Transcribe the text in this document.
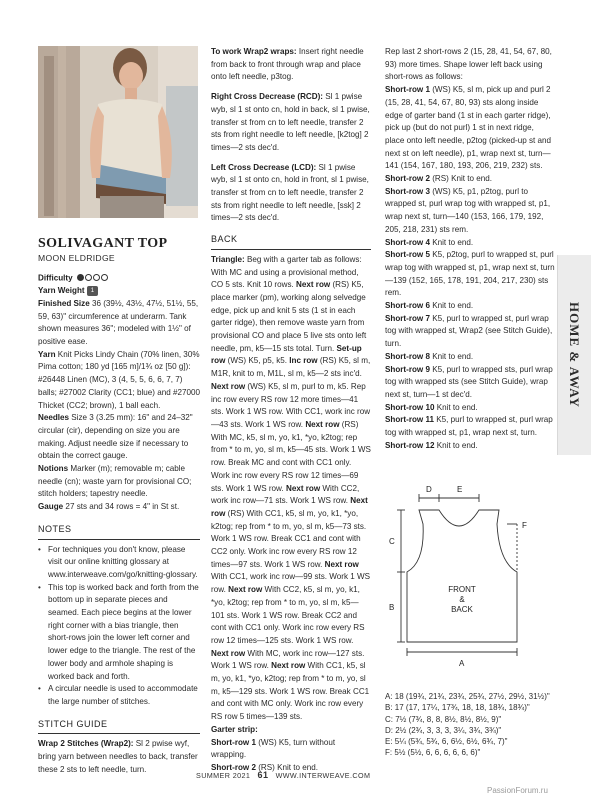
SOLIVAGANT TOP
MOON ELDRIDGE

Difficulty

Yarn Weight 1

Finished Size 36 (39½, 43½, 47½, 51½, 55, 59, 63)" circumference at underarm. Tank shown measures 36"; modeled with 1½" of positive ease.

Yarn Knit Picks Lindy Chain (70% linen, 30% Pima cotton; 180 yd [165 m]/1¾ oz [50 g]): #26448 Linen (MC), 3 (4, 5, 5, 6, 6, 7, 7) balls; #27002 Clarity (CC1; blue) and #27000 Thicket (CC2; brown), 1 ball each.

Needles Size 3 (3.25 mm): 16" and 24–32" circular (cir), depending on size you are making. Adjust needle size if necessary to obtain the correct gauge.

Notions Marker (m); removable m; cable needle (cn); waste yarn for provisional CO; stitch holders; tapestry needle.

Gauge 27 sts and 34 rows = 4" in St st.

NOTES
• For techniques you don't know, please visit our online knitting glossary at www.interweave.com/go/knitting-glossary.
• This top is worked back and forth from the bottom up in separate pieces and seamed. Each piece begins at the lower right corner with a bias triangle, then short-rows join the lower left corner and lower edge to the triangle. The rest of the lower body and armhole shaping is worked back and forth.
• A circular needle is used to accommodate the large number of stitches.
STITCH GUIDE

Wrap 2 Stitches (Wrap2): Sl 2 pwise wyf, bring yarn between needles to back, transfer these 2 sts to left needle, turn.

To work Wrap2 wraps: Insert right needle from back to front through wrap and place onto left needle, p3tog.

Right Cross Decrease (RCD): Sl 1 pwise wyb, sl 1 st onto cn, hold in back, sl 1 pwise, transfer st from cn to left needle, transfer 2 sts from right needle to left needle, [k2tog] 2 times—2 sts dec'd.

Left Cross Decrease (LCD): Sl 1 pwise wyb, sl 1 st onto cn, hold in front, sl 1 pwise, transfer st from cn to left needle, transfer 2 sts from right needle to left needle, [ssk] 2 times—2 sts dec'd.

BACK

Triangle: Beg with a garter tab as follows: With MC and using a provisional method, CO 5 sts. Knit 10 rows. Next row (RS) K5, place marker (pm), working along selvedge edge, pick up and knit 5 sts (1 st in each garter ridge), then remove waste yarn from provisional CO and place 5 live sts onto left needle, pm, k5—15 sts total. Turn. Set-up row (WS) K5, p5, k5. Inc row (RS) K5, sl m, M1R, knit to m, M1L, sl m, k5—2 sts inc'd. Next row (WS) K5, sl m, purl to m, k5. Rep inc row every RS row 12 more times—41 sts. Work 1 WS row. With CC1, work inc row—43 sts. Work 1 WS row. Next row (RS) With MC, k5, sl m, yo, k1, *yo, k2tog; rep from * to m, yo, sl m, k5—45 sts. Work 1 WS row. Break MC and cont with CC1 only. Work inc row every RS row 12 times—69 sts. Work 1 WS row. Next row With CC2, work inc row—71 sts. Work 1 WS row. Next row (RS) With CC1, k5, sl m, yo, k1, *yo, k2tog; rep from * to m, yo, sl m, k5—73 sts. Work 1 WS row. Break CC1 and cont with CC2 only. Work inc row every RS row 12 times—97 sts. Work 1 WS row. Next row With CC1, work inc row—99 sts. Work 1 WS row. Next row With CC2, k5, sl m, yo, k1, *yo, k2tog; rep from * to m, yo, sl m, k5—101 sts. Work 1 WS row. Break CC2 and cont with CC1 only. Work inc row every RS row 12 times—125 sts. Work 1 WS row. Next row With MC, work inc row—127 sts. Work 1 WS row. Next row With CC1, k5, sl m, yo, k1, *yo, k2tog; rep from * to m, yo, sl m, k5—129 sts. Work 1 WS row. Break CC1 and cont with MC only. Work inc row every RS row 5 times—139 sts.

Garter strip:

Short-row 1 (WS) K5, turn without wrapping.

Short-row 2 (RS) Knit to end.

Rep last 2 short-rows 2 (15, 28, 41, 54, 67, 80, 93) more times. Shape lower left back using short-rows as follows:

Short-row 1 (WS) K5, sl m, pick up and purl 2 (15, 28, 41, 54, 67, 80, 93) sts along inside edge of garter band (1 st in each garter ridge), pick up (but do not purl) 1 st in next ridge, place onto left needle, p2tog (picked-up st and next st on left needle), p1, wrap next st, turn—141 (154, 167, 180, 193, 206, 219, 232) sts.

Short-row 2 (RS) Knit to end.

Short-row 3 (WS) K5, p1, p2tog, purl to wrapped st, purl wrap tog with wrapped st, p1, wrap next st, turn—140 (153, 166, 179, 192, 205, 218, 231) sts rem.

Short-row 4 Knit to end.

Short-row 5 K5, p2tog, purl to wrapped st, purl wrap tog with wrapped st, p1, wrap next st, turn—139 (152, 165, 178, 191, 204, 217, 230) sts rem.

Short-row 6 Knit to end.

Short-row 7 K5, purl to wrapped st, purl wrap tog with wrapped st, Wrap2 (see Stitch Guide), turn.

Short-row 8 Knit to end.

Short-row 9 K5, purl to wrapped sts, purl wrap tog with wrapped sts (see Stitch Guide), wrap next st, turn—1 st dec'd.

Short-row 10 Knit to end.

Short-row 11 K5, purl to wrapped st, purl wrap tog with wrapped st, p1, wrap next st, turn.

Short-row 12 Knit to end.

HOME & AWAY
D	E
C
B
F
A
FRONT
&
BACK
A: 18 (19¾, 21¾, 23¾, 25¾, 27½, 29½, 31½)"
B: 17 (17, 17¼, 17¾, 18, 18, 18¾, 18¾)"
C: 7½ (7¾, 8, 8, 8½, 8½, 8½, 9)"
D: 2½ (2¾, 3, 3, 3, 3¼, 3¾, 3¾)"
E: 5¼ (5¾, 5¾, 6, 6½, 6½, 6¾, 7)"
F: 5½ (5½, 6, 6, 6, 6, 6, 6)"
SUMMER 2021 61 WWW.INTERWEAVE.COM
PassionForum.ru
